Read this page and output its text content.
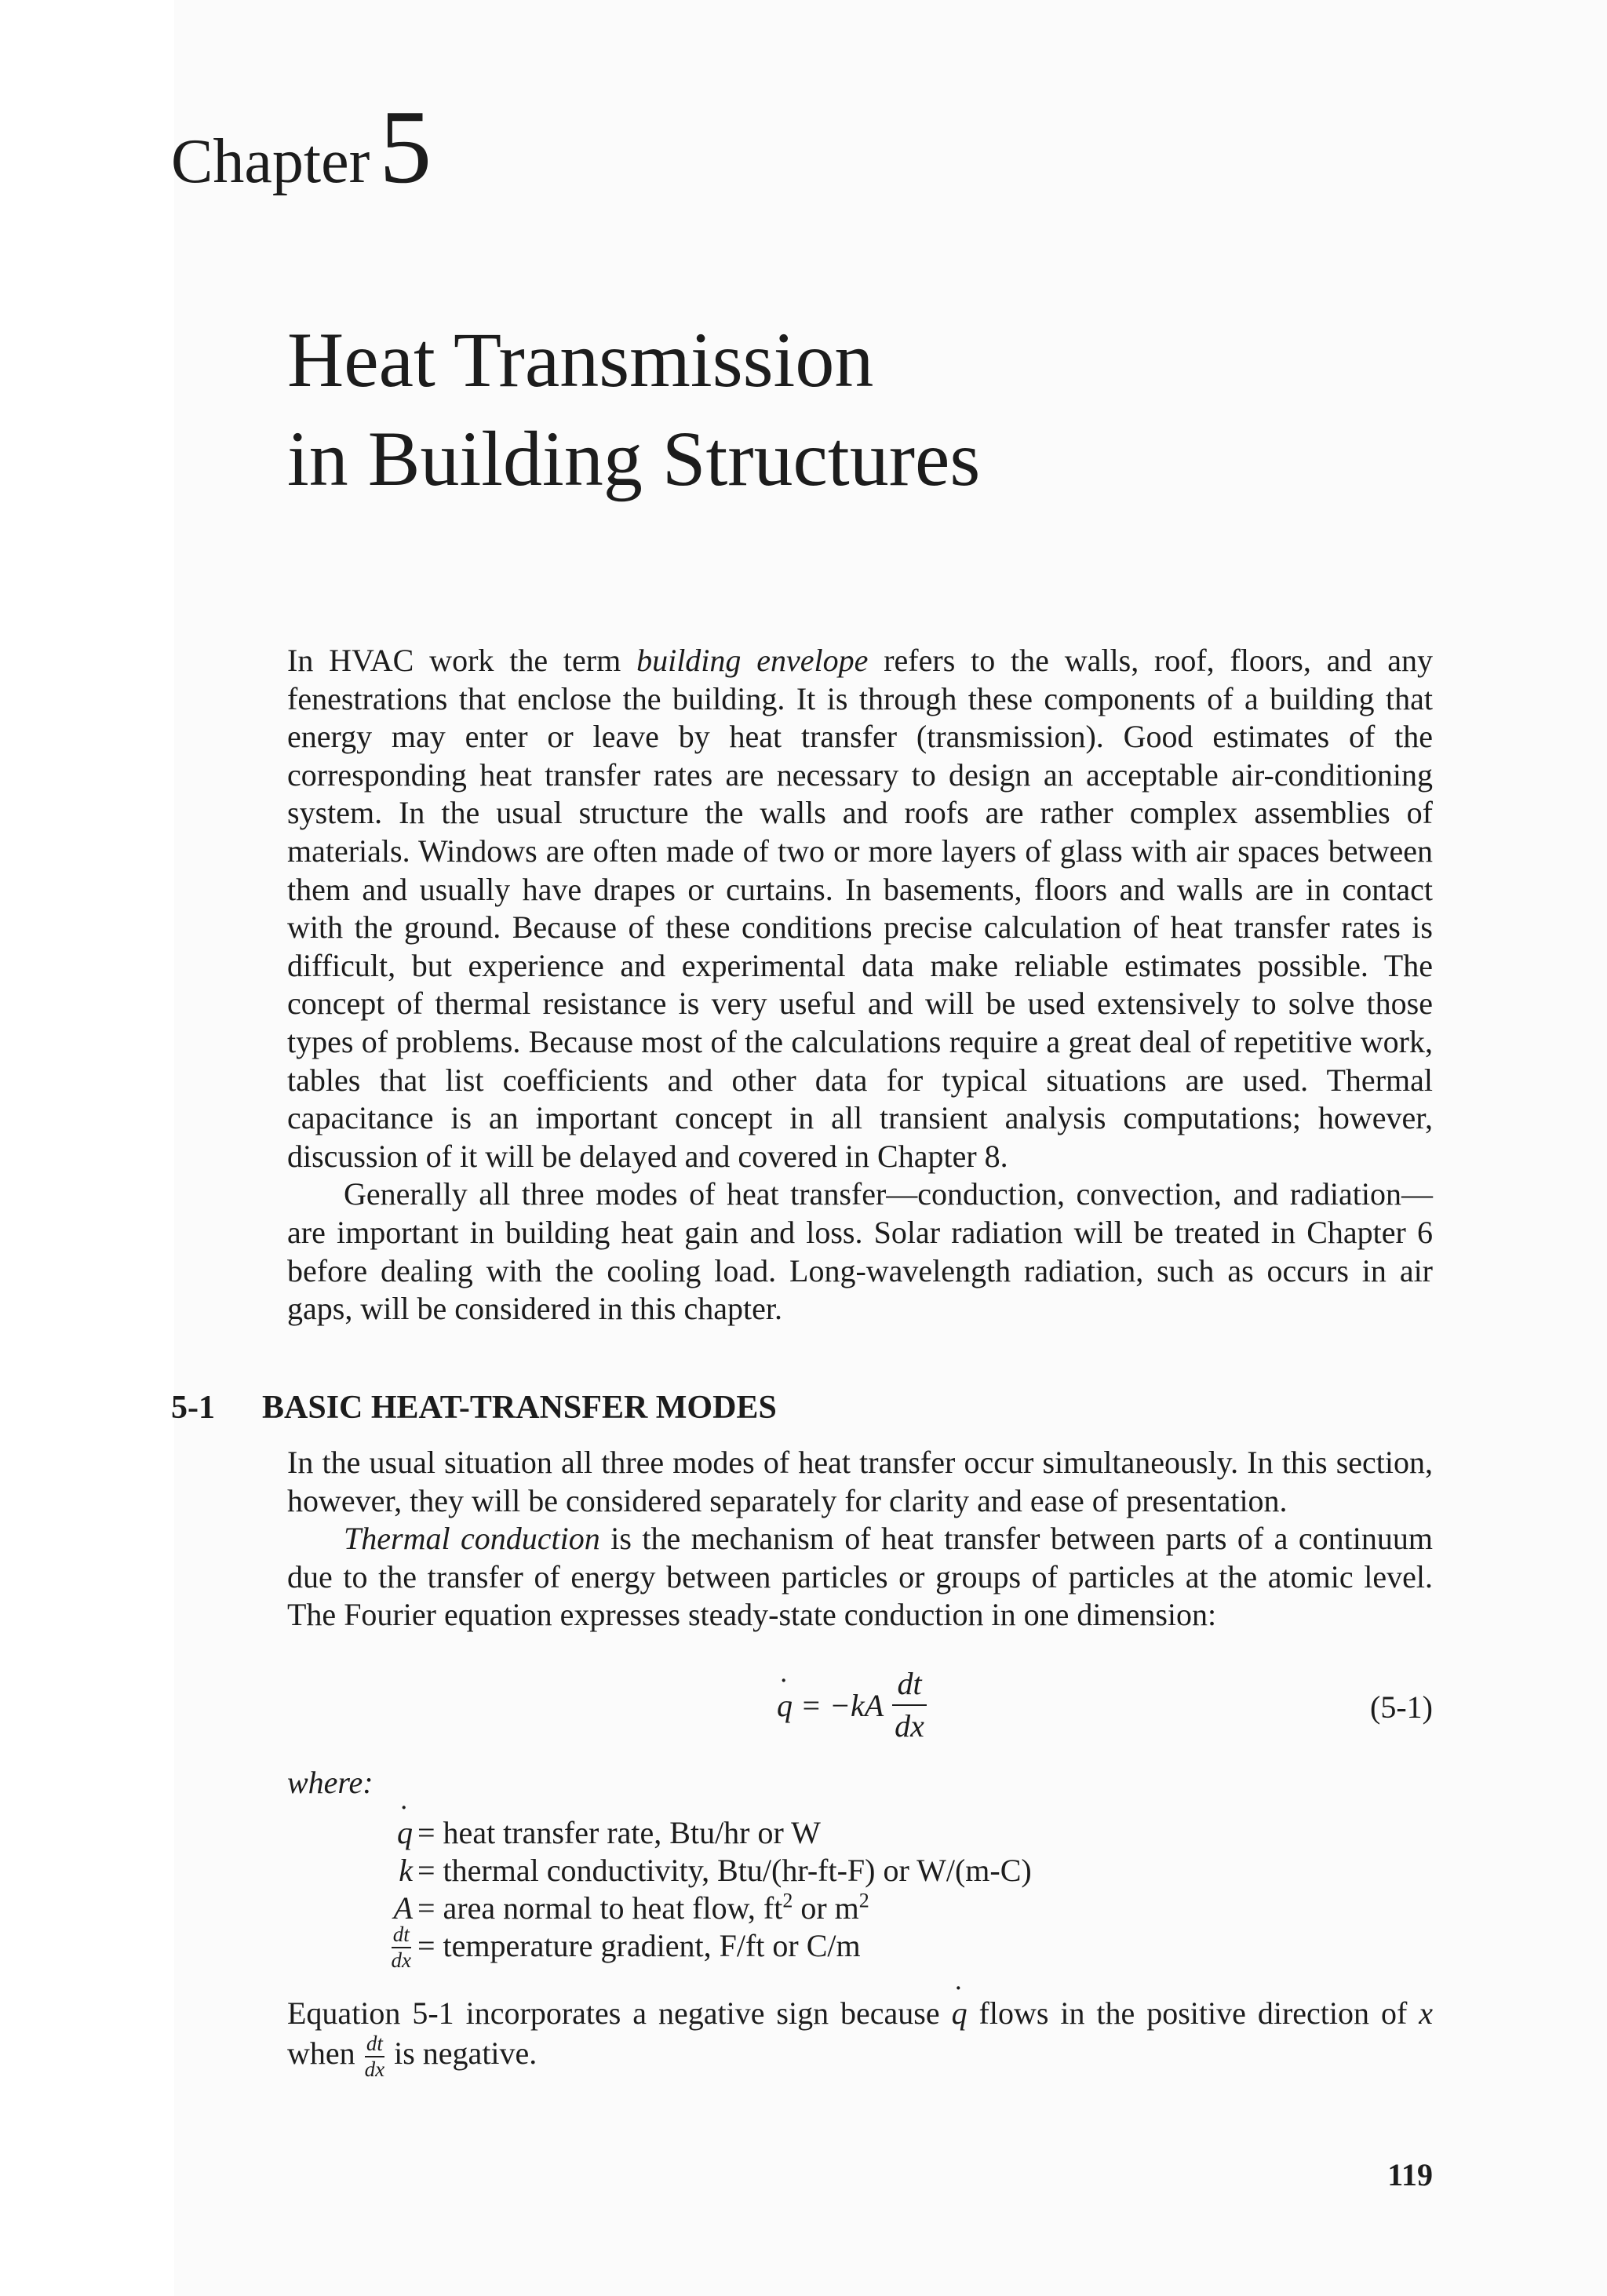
Chapter5
Heat Transmission
in Building Structures

In HVAC work the term building envelope refers to the walls, roof, floors, and any fenestrations that enclose the building. It is through these components of a building that energy may enter or leave by heat transfer (transmission). Good estimates of the corresponding heat transfer rates are necessary to design an acceptable air-conditioning system. In the usual structure the walls and roofs are rather complex assemblies of materials. Windows are often made of two or more layers of glass with air spaces between them and usually have drapes or curtains. In basements, floors and walls are in contact with the ground. Because of these conditions precise calculation of heat transfer rates is difficult, but experience and experimental data make reliable estimates possible. The concept of thermal resistance is very useful and will be used extensively to solve those types of problems. Because most of the calculations require a great deal of repetitive work, tables that list coefficients and other data for typical situations are used. Thermal capacitance is an important concept in all transient analysis computations; however, discussion of it will be delayed and covered in Chapter 8.

Generally all three modes of heat transfer—conduction, convection, and radiation—are important in building heat gain and loss. Solar radiation will be treated in Chapter 6 before dealing with the cooling load. Long-wavelength radiation, such as occurs in air gaps, will be considered in this chapter.

5-1 BASIC HEAT-TRANSFER MODES

In the usual situation all three modes of heat transfer occur simultaneously. In this section, however, they will be considered separately for clarity and ease of presentation.

Thermal conduction is the mechanism of heat transfer between parts of a continuum due to the transfer of energy between particles or groups of particles at the atomic level. The Fourier equation expresses steady-state conduction in one dimension:

˙ $q = -kA \frac{dt}{dx}$	(5-1)

where:

˙ q = heat transfer rate, Btu/hr or W
k = thermal conductivity, Btu/(hr-ft-F) or W/(m-C)
A = area normal to heat flow, $ft^2$ or $m^2$
$\frac{dt}{dx}$ = temperature gradient, F/ft or C/m

Equation 5-1 incorporates a negative sign because ˙ q flows in the positive direction of x when $\frac{dt}{dx}$ is negative.

119
